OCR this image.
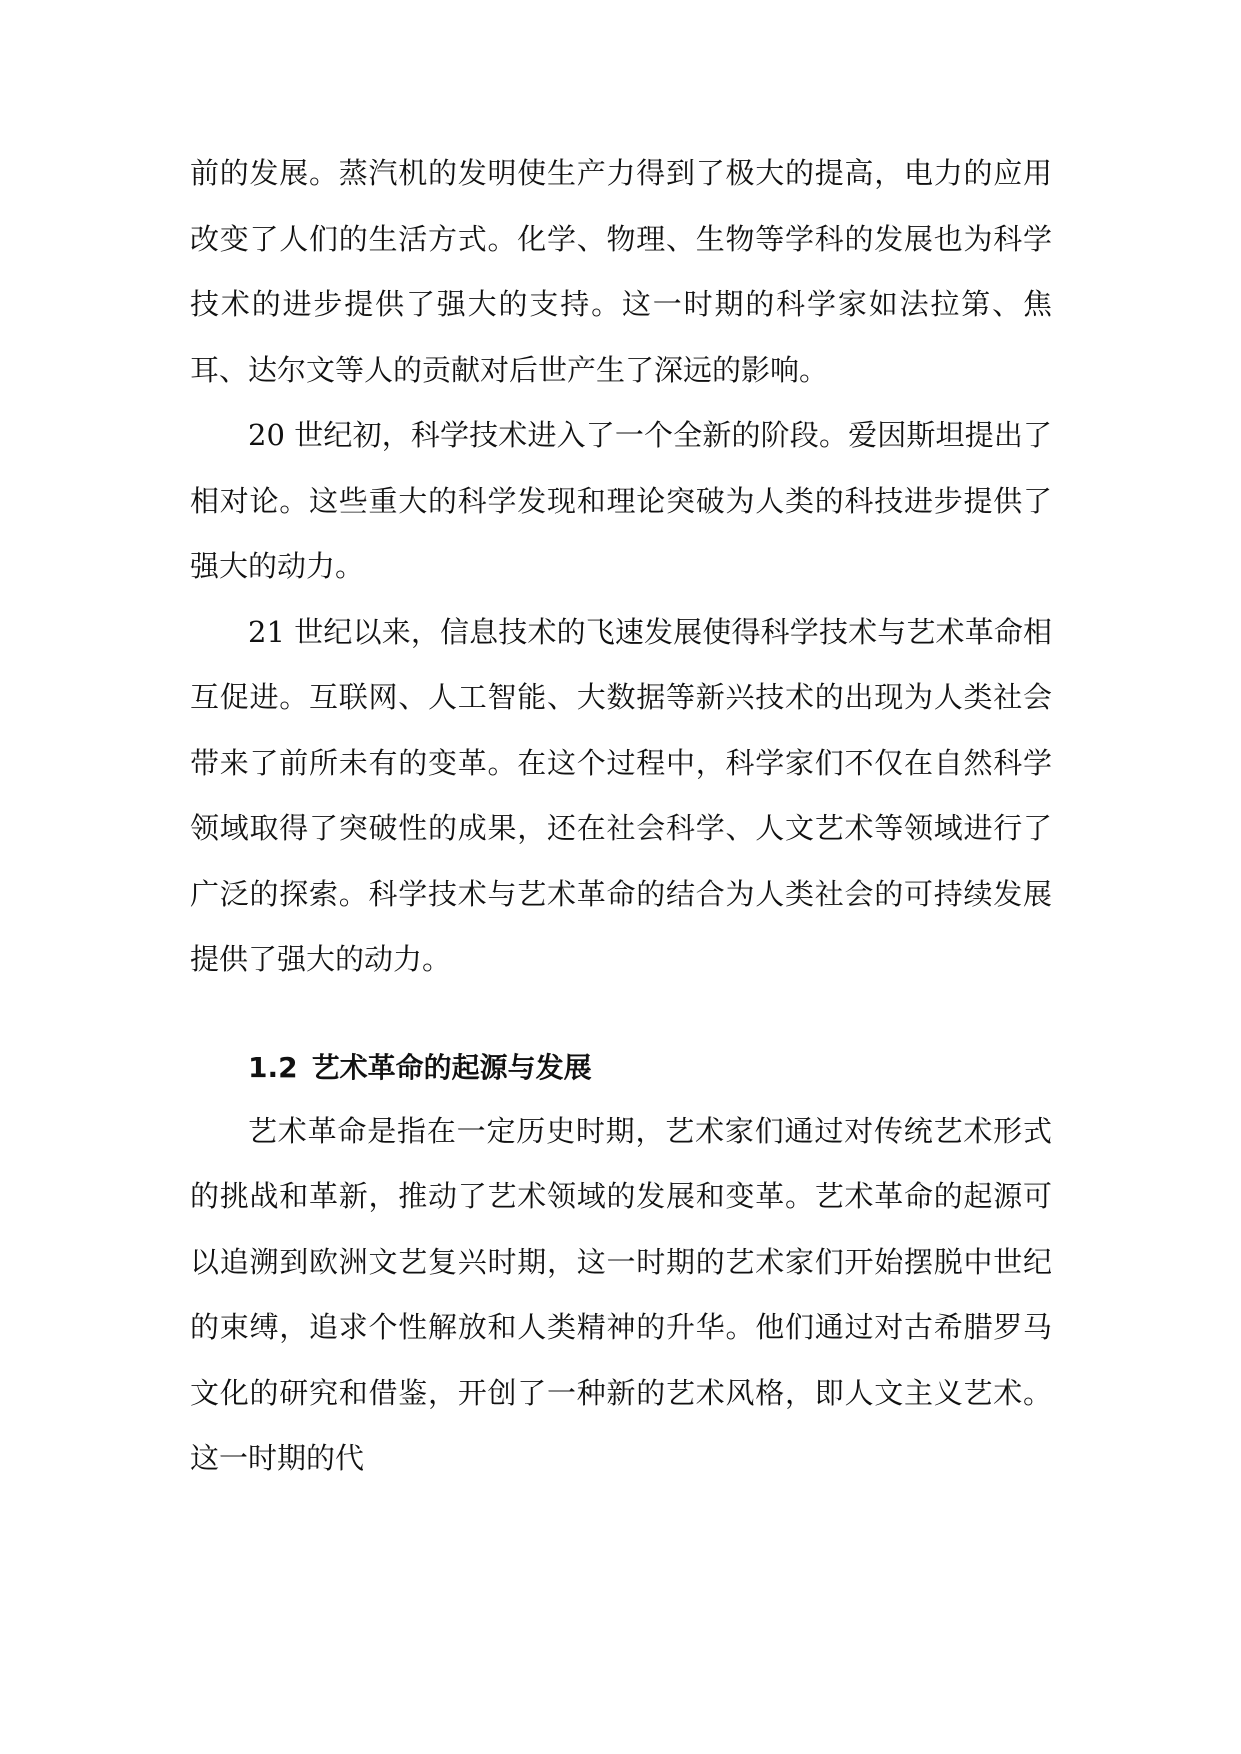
前的发展。蒸汽机的发明使生产力得到了极大的提高，电力的应用改变了人们的生活方式。化学、物理、生物等学科的发展也为科学技术的进步提供了强大的支持。这一时期的科学家如法拉第、焦耳、达尔文等人的贡献对后世产生了深远的影响。

20 世纪初，科学技术进入了一个全新的阶段。爱因斯坦提出了相对论。这些重大的科学发现和理论突破为人类的科技进步提供了强大的动力。

21 世纪以来，信息技术的飞速发展使得科学技术与艺术革命相互促进。互联网、人工智能、大数据等新兴技术的出现为人类社会带来了前所未有的变革。在这个过程中，科学家们不仅在自然科学领域取得了突破性的成果，还在社会科学、人文艺术等领域进行了广泛的探索。科学技术与艺术革命的结合为人类社会的可持续发展提供了强大的动力。

1.2 艺术革命的起源与发展

艺术革命是指在一定历史时期，艺术家们通过对传统艺术形式的挑战和革新，推动了艺术领域的发展和变革。艺术革命的起源可以追溯到欧洲文艺复兴时期，这一时期的艺术家们开始摆脱中世纪的束缚，追求个性解放和人类精神的升华。他们通过对古希腊罗马文化的研究和借鉴，开创了一种新的艺术风格，即人文主义艺术。这一时期的代
